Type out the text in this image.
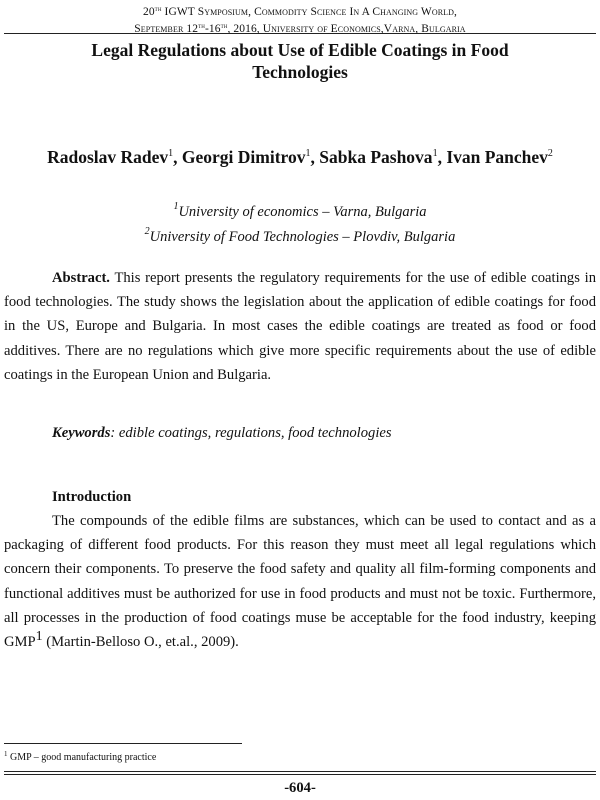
20th IGWT Symposium, Commodity Science In A Changing World,
September 12th-16th, 2016, University of Economics,Varna, Bulgaria
Legal Regulations about Use of Edible Coatings in Food
Technologies
Radoslav Radev$^1$, Georgi Dimitrov$^1$, Sabka Pashova$^1$, Ivan Panchev$^2$
$^1$University of economics – Varna, Bulgaria
$^2$University of Food Technologies – Plovdiv, Bulgaria
Abstract. This report presents the regulatory requirements for the use of edible coatings in food technologies. The study shows the legislation about the application of edible coatings for food in the US, Europe and Bulgaria. In most cases the edible coatings are treated as food or food additives. There are no regulations which give more specific requirements about the use of edible coatings in the European Union and Bulgaria.
Keywords: edible coatings, regulations, food technologies
Introduction
The compounds of the edible films are substances, which can be used to contact and as a packaging of different food products. For this reason they must meet all legal regulations which concern their components. To preserve the food safety and quality all film-forming components and functional additives must be authorized for use in food products and must not be toxic. Furthermore, all processes in the production of food coatings muse be acceptable for the food industry, keeping GMP$^1$ (Martin-Belloso O., et.al., 2009).
$^1$ GMP – good manufacturing practice
-604-
